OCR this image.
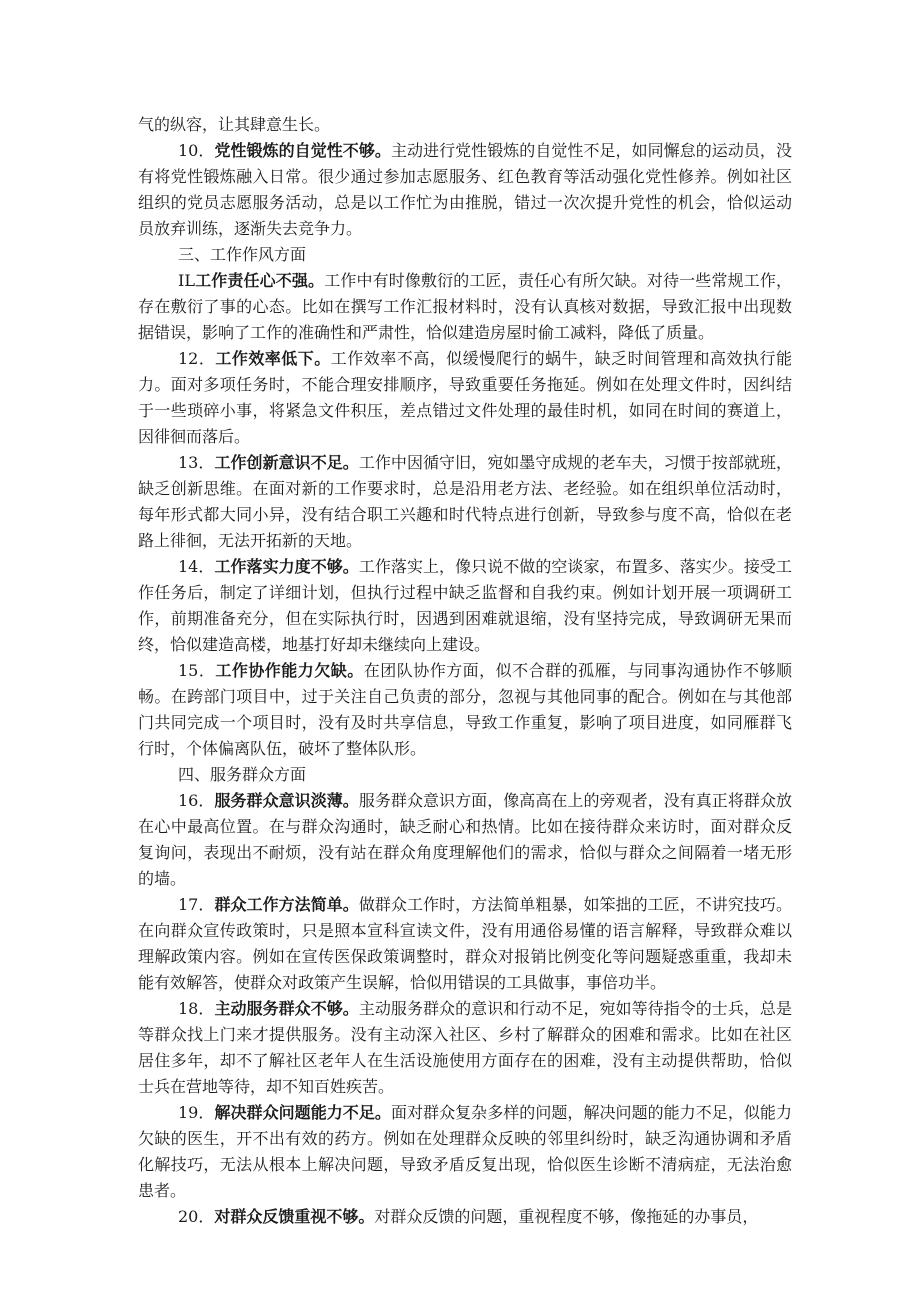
气的纵容，让其肆意生长。

10．党性锻炼的自觉性不够。主动进行党性锻炼的自觉性不足，如同懈怠的运动员，没有将党性锻炼融入日常。很少通过参加志愿服务、红色教育等活动强化党性修养。例如社区组织的党员志愿服务活动，总是以工作忙为由推脱，错过一次次提升党性的机会，恰似运动员放弃训练，逐渐失去竞争力。

三、工作作风方面

IL工作责任心不强。工作中有时像敷衍的工匠，责任心有所欠缺。对待一些常规工作，存在敷衍了事的心态。比如在撰写工作汇报材料时，没有认真核对数据，导致汇报中出现数据错误，影响了工作的准确性和严肃性，恰似建造房屋时偷工减料，降低了质量。

12．工作效率低下。工作效率不高，似缓慢爬行的蜗牛，缺乏时间管理和高效执行能力。面对多项任务时，不能合理安排顺序，导致重要任务拖延。例如在处理文件时，因纠结于一些琐碎小事，将紧急文件积压，差点错过文件处理的最佳时机，如同在时间的赛道上，因徘徊而落后。

13．工作创新意识不足。工作中因循守旧，宛如墨守成规的老车夫，习惯于按部就班，缺乏创新思维。在面对新的工作要求时，总是沿用老方法、老经验。如在组织单位活动时，每年形式都大同小异，没有结合职工兴趣和时代特点进行创新，导致参与度不高，恰似在老路上徘徊，无法开拓新的天地。

14．工作落实力度不够。工作落实上，像只说不做的空谈家，布置多、落实少。接受工作任务后，制定了详细计划，但执行过程中缺乏监督和自我约束。例如计划开展一项调研工作，前期准备充分，但在实际执行时，因遇到困难就退缩，没有坚持完成，导致调研无果而终，恰似建造高楼，地基打好却未继续向上建设。

15．工作协作能力欠缺。在团队协作方面，似不合群的孤雁，与同事沟通协作不够顺畅。在跨部门项目中，过于关注自己负责的部分，忽视与其他同事的配合。例如在与其他部门共同完成一个项目时，没有及时共享信息，导致工作重复，影响了项目进度，如同雁群飞行时，个体偏离队伍，破坏了整体队形。

四、服务群众方面

16．服务群众意识淡薄。服务群众意识方面，像高高在上的旁观者，没有真正将群众放在心中最高位置。在与群众沟通时，缺乏耐心和热情。比如在接待群众来访时，面对群众反复询问，表现出不耐烦，没有站在群众角度理解他们的需求，恰似与群众之间隔着一堵无形的墙。

17．群众工作方法简单。做群众工作时，方法简单粗暴，如笨拙的工匠，不讲究技巧。在向群众宣传政策时，只是照本宣科宣读文件，没有用通俗易懂的语言解释，导致群众难以理解政策内容。例如在宣传医保政策调整时，群众对报销比例变化等问题疑惑重重，我却未能有效解答，使群众对政策产生误解，恰似用错误的工具做事，事倍功半。

18．主动服务群众不够。主动服务群众的意识和行动不足，宛如等待指令的士兵，总是等群众找上门来才提供服务。没有主动深入社区、乡村了解群众的困难和需求。比如在社区居住多年，却不了解社区老年人在生活设施使用方面存在的困难，没有主动提供帮助，恰似士兵在营地等待，却不知百姓疾苦。

19．解决群众问题能力不足。面对群众复杂多样的问题，解决问题的能力不足，似能力欠缺的医生，开不出有效的药方。例如在处理群众反映的邻里纠纷时，缺乏沟通协调和矛盾化解技巧，无法从根本上解决问题，导致矛盾反复出现，恰似医生诊断不清病症，无法治愈患者。

20．对群众反馈重视不够。对群众反馈的问题，重视程度不够，像拖延的办事员，
